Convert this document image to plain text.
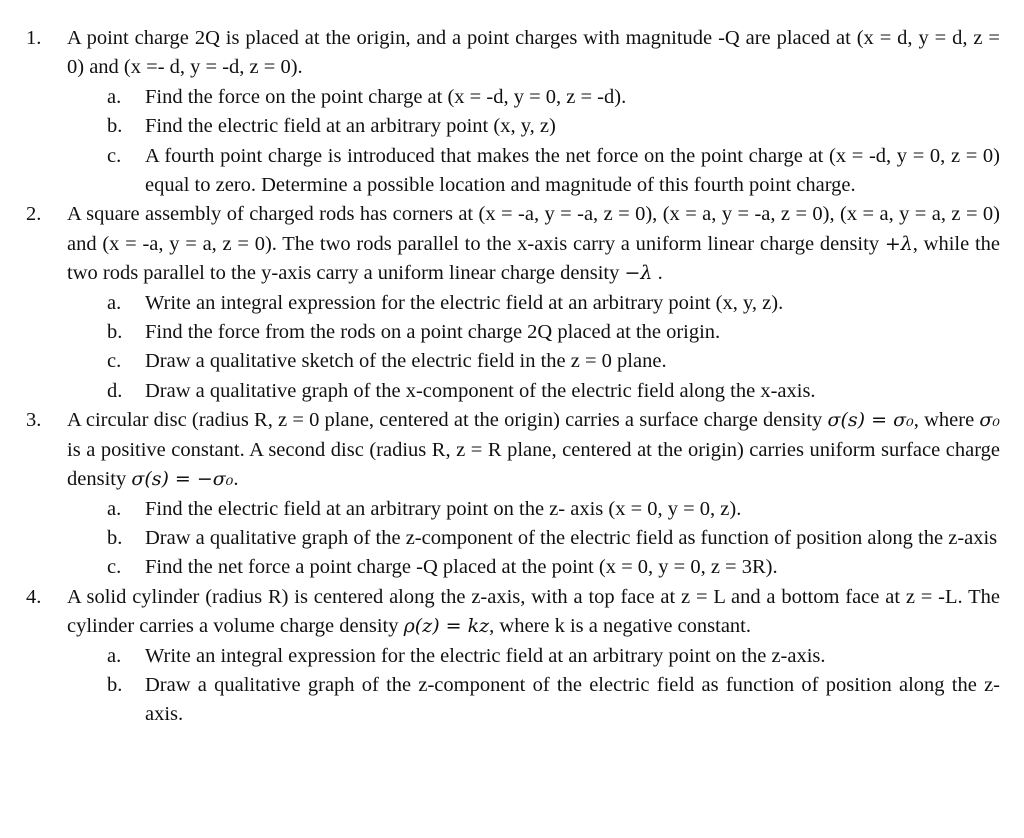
1. A point charge 2Q is placed at the origin, and a point charges with magnitude -Q are placed at (x = d, y = d, z = 0) and (x =- d, y = -d, z = 0).
a. Find the force on the point charge at (x = -d, y = 0, z = -d).
b. Find the electric field at an arbitrary point (x, y, z)
c. A fourth point charge is introduced that makes the net force on the point charge at (x = -d, y = 0, z = 0) equal to zero. Determine a possible location and magnitude of this fourth point charge.
2. A square assembly of charged rods has corners at (x = -a, y = -a, z = 0), (x = a, y = -a, z = 0), (x = a, y = a, z = 0) and (x = -a, y = a, z = 0). The two rods parallel to the x-axis carry a uniform linear charge density +λ, while the two rods parallel to the y-axis carry a uniform linear charge density −λ .
a. Write an integral expression for the electric field at an arbitrary point (x, y, z).
b. Find the force from the rods on a point charge 2Q placed at the origin.
c. Draw a qualitative sketch of the electric field in the z = 0 plane.
d. Draw a qualitative graph of the x-component of the electric field along the x-axis.
3. A circular disc (radius R, z = 0 plane, centered at the origin) carries a surface charge density σ(s) = σ₀, where σ₀ is a positive constant. A second disc (radius R, z = R plane, centered at the origin) carries uniform surface charge density σ(s) = −σ₀.
a. Find the electric field at an arbitrary point on the z- axis (x = 0, y = 0, z).
b. Draw a qualitative graph of the z-component of the electric field as function of position along the z-axis
c. Find the net force a point charge -Q placed at the point (x = 0, y = 0, z = 3R).
4. A solid cylinder (radius R) is centered along the z-axis, with a top face at z = L and a bottom face at z = -L. The cylinder carries a volume charge density ρ(z) = kz, where k is a negative constant.
a. Write an integral expression for the electric field at an arbitrary point on the z-axis.
b. Draw a qualitative graph of the z-component of the electric field as function of position along the z-axis.
